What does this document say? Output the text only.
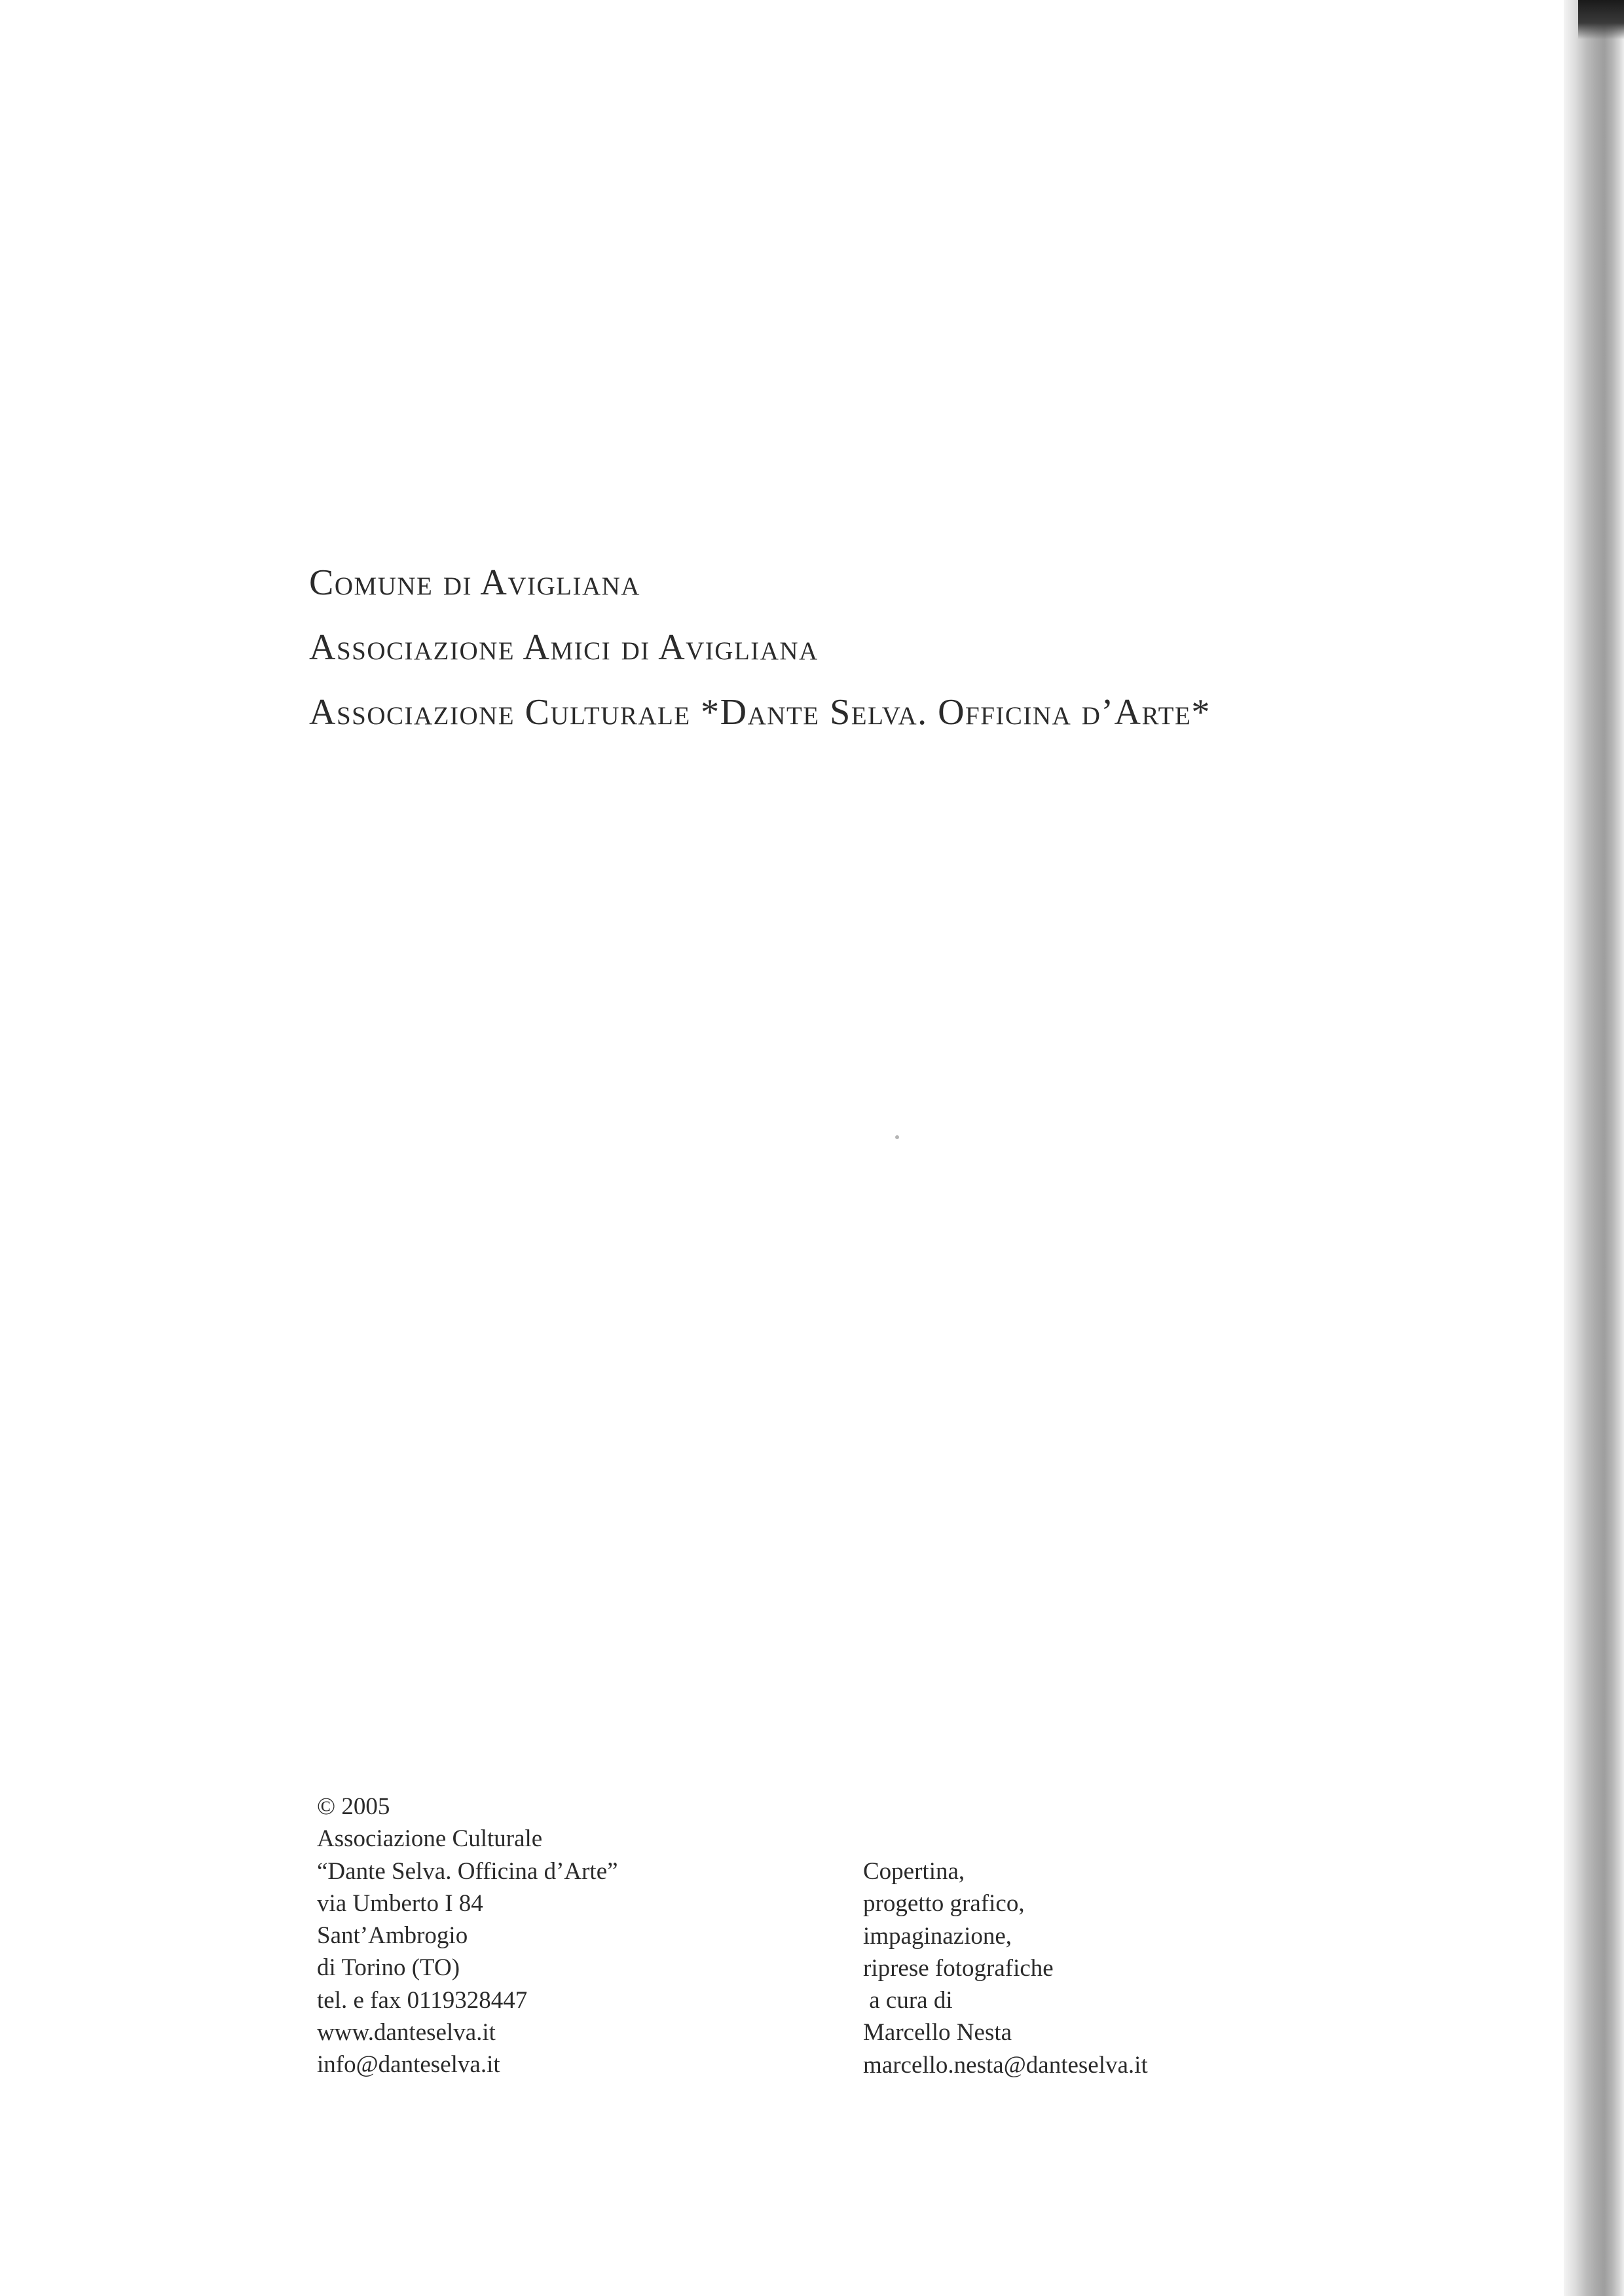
Comune di Avigliana
Associazione Amici di Avigliana
Associazione Culturale *Dante Selva. Officina d’Arte*
© 2005
Associazione Culturale
“Dante Selva. Officina d’Arte”
via Umberto I 84
Sant’Ambrogio
di Torino (TO)
tel. e fax 0119328447
www.danteselva.it
info@danteselva.it
Copertina,
progetto grafico,
impaginazione,
riprese fotografiche
a cura di
Marcello Nesta
marcello.nesta@danteselva.it
